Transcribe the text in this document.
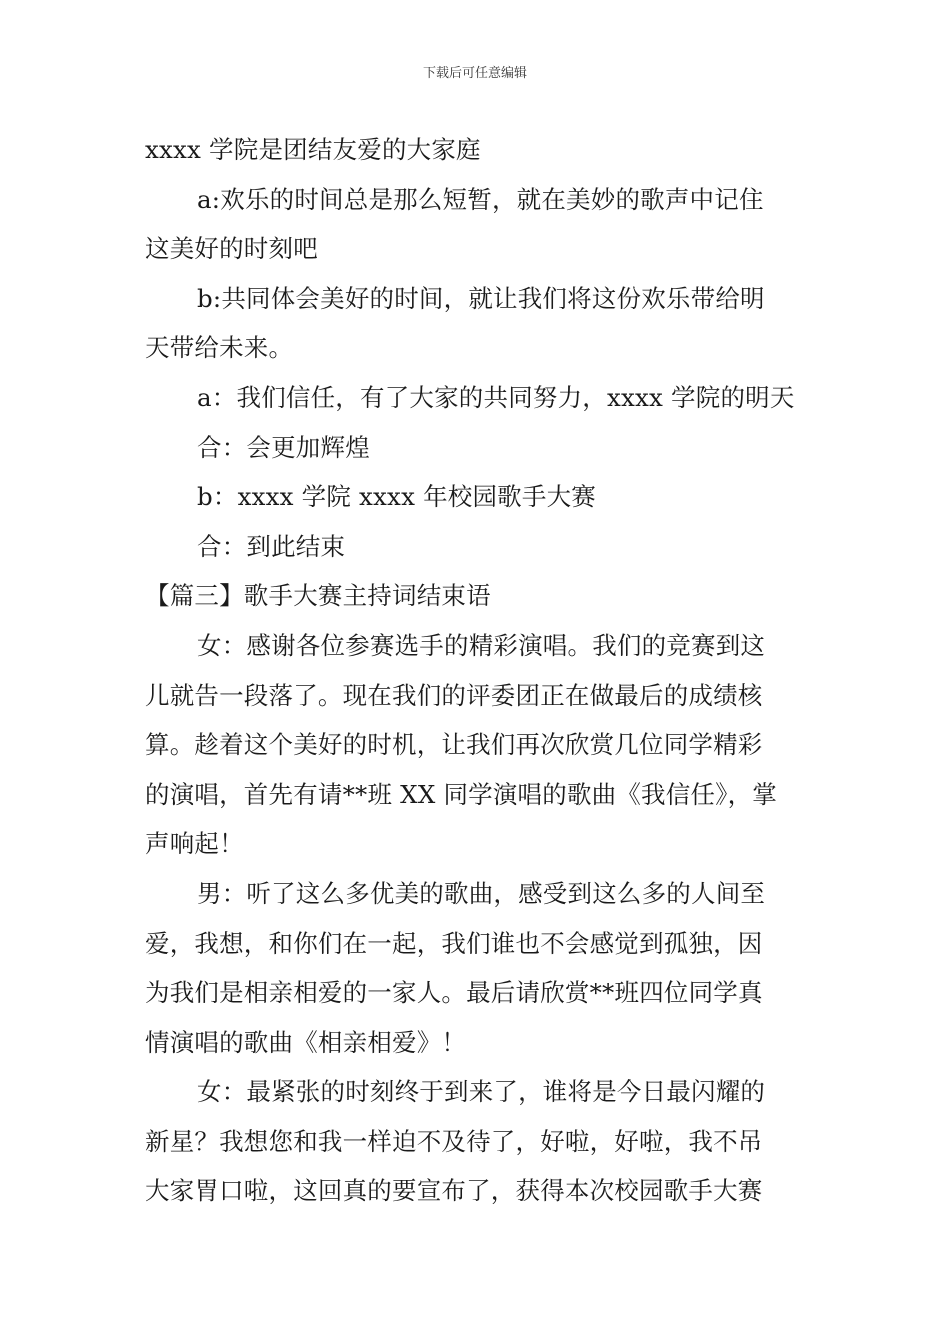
下载后可任意编辑
xxxx 学院是团结友爱的大家庭
a:欢乐的时间总是那么短暂，就在美妙的歌声中记住
这美好的时刻吧
b:共同体会美好的时间，就让我们将这份欢乐带给明
天带给未来。
a：我们信任，有了大家的共同努力，xxxx 学院的明天
合：会更加辉煌
b：xxxx 学院 xxxx 年校园歌手大赛
合：到此结束
【篇三】歌手大赛主持词结束语
女：感谢各位参赛选手的精彩演唱。我们的竞赛到这
儿就告一段落了。现在我们的评委团正在做最后的成绩核
算。趁着这个美好的时机，让我们再次欣赏几位同学精彩
的演唱，首先有请**班 XX 同学演唱的歌曲《我信任》，掌
声响起！
男：听了这么多优美的歌曲，感受到这么多的人间至
爱，我想，和你们在一起，我们谁也不会感觉到孤独，因
为我们是相亲相爱的一家人。最后请欣赏**班四位同学真
情演唱的歌曲《相亲相爱》！
女：最紧张的时刻终于到来了，谁将是今日最闪耀的
新星？我想您和我一样迫不及待了，好啦，好啦，我不吊
大家胃口啦，这回真的要宣布了，获得本次校园歌手大赛
